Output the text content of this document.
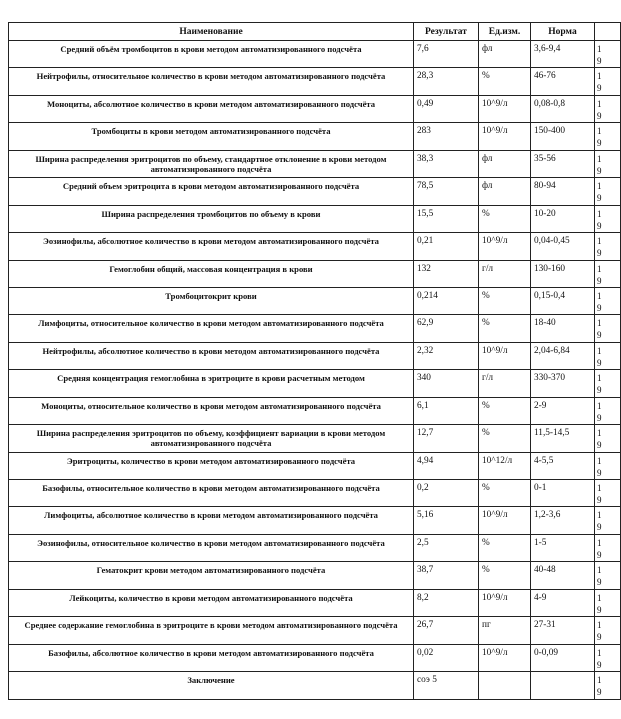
Наименование	Результат	Ед.изм.	Норма	
Средний объём тромбоцитов в крови методом автоматизированного подсчёта	7,6	фл	3,6-9,4	1
9
Нейтрофилы, относительное количество в крови методом автоматизированного подсчёта	28,3	%	46-76	1
9
Моноциты, абсолютное количество в крови методом автоматизированного подсчёта	0,49	10^9/л	0,08-0,8	1
9
Тромбоциты в крови методом автоматизированного подсчёта	283	10^9/л	150-400	1
9
Ширина распределения эритроцитов по объему, стандартное отклонение в крови методом автоматизированного подсчёта	38,3	фл	35-56	1
9
Средний объем эритроцита в крови методом автоматизированного подсчёта	78,5	фл	80-94	1
9
Ширина распределения тромбоцитов по объему в крови	15,5	%	10-20	1
9
Эозинофилы, абсолютное количество в крови методом автоматизированного подсчёта	0,21	10^9/л	0,04-0,45	1
9
Гемоглобин общий, массовая концентрация в крови	132	г/л	130-160	1
9
Тромбоцитокрит крови	0,214	%	0,15-0,4	1
9
Лимфоциты, относительное количество в крови методом автоматизированного подсчёта	62,9	%	18-40	1
9
Нейтрофилы, абсолютное количество в крови методом автоматизированного подсчёта	2,32	10^9/л	2,04-6,84	1
9
Средняя концентрация гемоглобина в эритроците в крови расчетным методом	340	г/л	330-370	1
9
Моноциты, относительное количество в крови методом автоматизированного подсчёта	6,1	%	2-9	1
9
Ширина распределения эритроцитов по объему, коэффициент вариации в крови методом автоматизированного подсчёта	12,7	%	11,5-14,5	1
9
Эритроциты, количество в крови методом автоматизированного подсчёта	4,94	10^12/л	4-5,5	1
9
Базофилы, относительное количество в крови методом автоматизированного подсчёта	0,2	%	0-1	1
9
Лимфоциты, абсолютное количество в крови методом автоматизированного подсчёта	5,16	10^9/л	1,2-3,6	1
9
Эозинофилы, относительное количество в крови методом автоматизированного подсчёта	2,5	%	1-5	1
9
Гематокрит крови методом автоматизированного подсчёта	38,7	%	40-48	1
9
Лейкоциты, количество в крови методом автоматизированного подсчёта	8,2	10^9/л	4-9	1
9
Среднее содержание гемоглобина в эритроците в крови методом автоматизированного подсчёта	26,7	пг	27-31	1
9
Базофилы, абсолютное количество в крови методом автоматизированного подсчёта	0,02	10^9/л	0-0,09	1
9
Заключение	соэ 5			1
9
